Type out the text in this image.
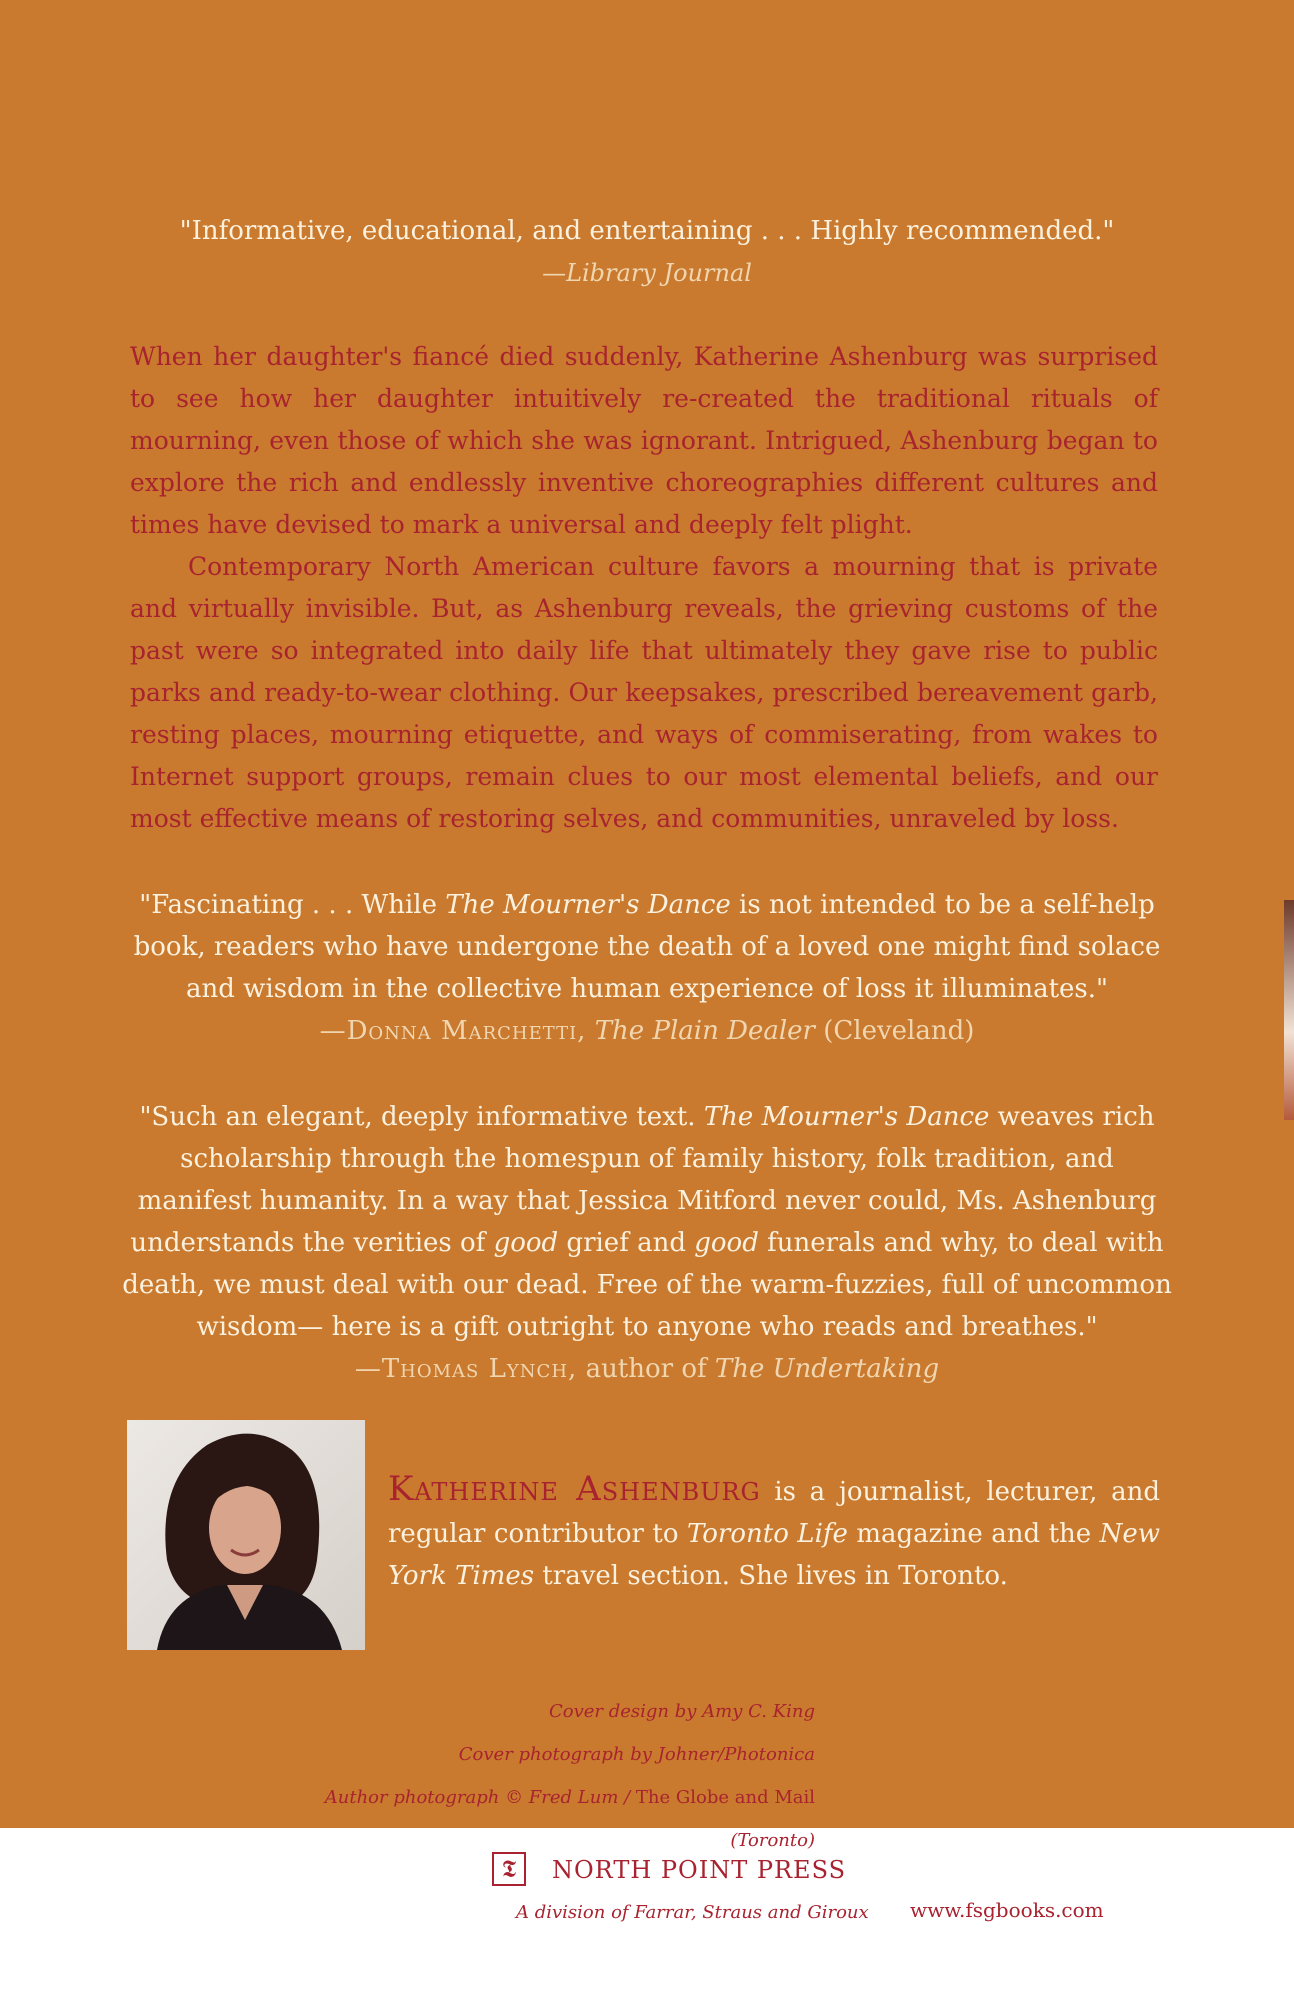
"Informative, educational, and entertaining . . . Highly recommended."
—Library Journal

When her daughter's fiancé died suddenly, Katherine Ashenburg was surprised to see how her daughter intuitively re-created the traditional rituals of mourning, even those of which she was ignorant. Intrigued, Ashenburg began to explore the rich and endlessly inventive choreographies different cultures and times have devised to mark a universal and deeply felt plight.

Contemporary North American culture favors a mourning that is private and virtually invisible. But, as Ashenburg reveals, the grieving customs of the past were so integrated into daily life that ultimately they gave rise to public parks and ready-to-wear clothing. Our keepsakes, prescribed bereavement garb, resting places, mourning etiquette, and ways of commiserating, from wakes to Internet support groups, remain clues to our most elemental beliefs, and our most effective means of restoring selves, and communities, unraveled by loss.

"Fascinating . . . While The Mourner's Dance is not intended to be a self-help book, readers who have undergone the death of a loved one might find solace and wisdom in the collective human experience of loss it illuminates."
—Donna Marchetti, The Plain Dealer (Cleveland)
"Such an elegant, deeply informative text. The Mourner's Dance weaves rich scholarship through the homespun of family history, folk tradition, and manifest humanity. In a way that Jessica Mitford never could, Ms. Ashenburg understands the verities of good grief and good funerals and why, to deal with death, we must deal with our dead. Free of the warm-fuzzies, full of uncommon wisdom— here is a gift outright to anyone who reads and breathes."
—Thomas Lynch, author of The Undertaking
Katherine Ashenburg is a journalist, lecturer, and regular contributor to Toronto Life magazine and the New York Times travel section. She lives in Toronto.
Cover design by Amy C. King
Cover photograph by Johner/Photonica
Author photograph © Fred Lum / The Globe and Mail (Toronto)
𝕿	NORTH POINT PRESS
A division of Farrar, Straus and Giroux www.fsgbooks.com
